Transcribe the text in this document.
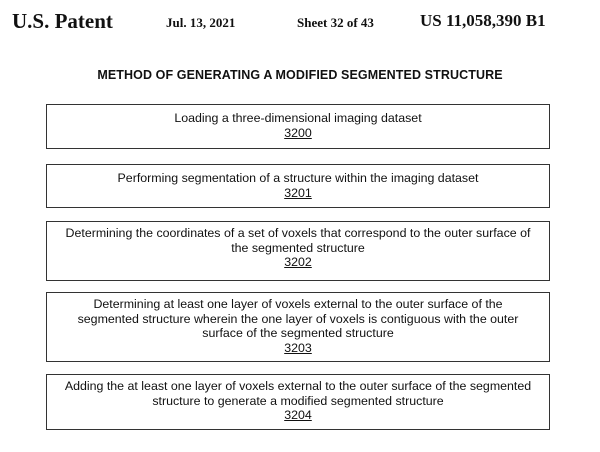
U.S. Patent	Jul. 13, 2021	Sheet 32 of 43	US 11,058,390 B1
METHOD OF GENERATING A MODIFIED SEGMENTED STRUCTURE
Loading a three-dimensional imaging dataset
3200
Performing segmentation of a structure within the imaging dataset
3201
Determining the coordinates of a set of voxels that correspond to the outer surface of the segmented structure
3202
Determining at least one layer of voxels external to the outer surface of the segmented structure wherein the one layer of voxels is contiguous with the outer surface of the segmented structure
3203
Adding the at least one layer of voxels external to the outer surface of the segmented structure to generate a modified segmented structure
3204
